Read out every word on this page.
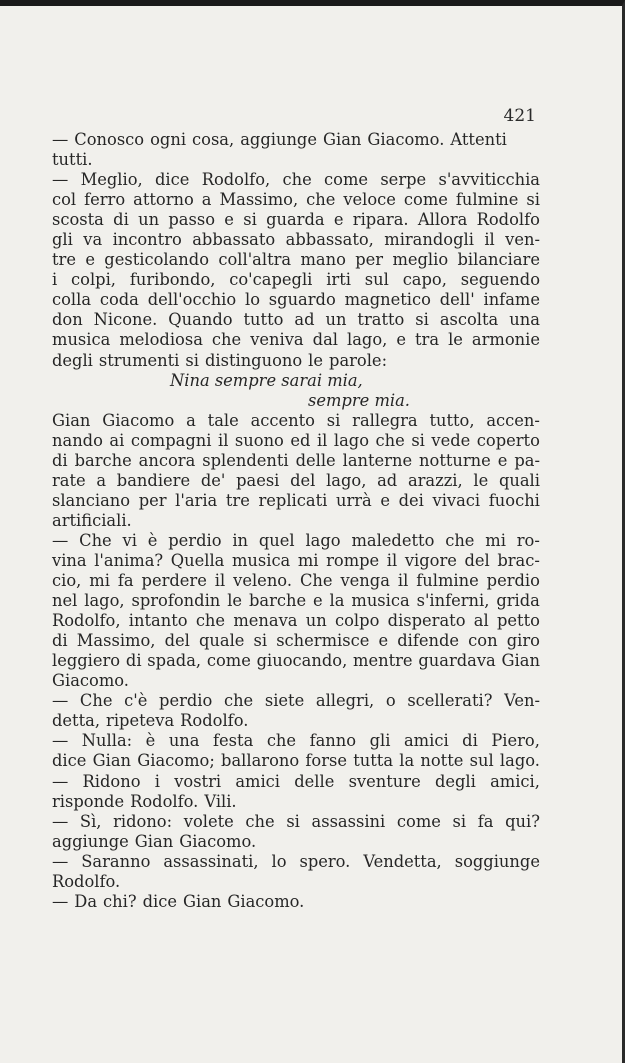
421
— Conosco ogni cosa, aggiunge Gian Giacomo. Attenti
tutti.
— Meglio, dice Rodolfo, che come serpe s'avviticchia
col ferro attorno a Massimo, che veloce come fulmine si
scosta di un passo e si guarda e ripara. Allora Rodolfo
gli va incontro abbassato abbassato, mirandogli il ven-
tre e gesticolando coll'altra mano per meglio bilanciare
i colpi, furibondo, co'capegli irti sul capo, seguendo
colla coda dell'occhio lo sguardo magnetico dell' infame
don Nicone. Quando tutto ad un tratto si ascolta una
musica melodiosa che veniva dal lago, e tra le armonie
degli strumenti si distinguono le parole:
Nina sempre sarai mia,
sempre mia.
Gian Giacomo a tale accento si rallegra tutto, accen-
nando ai compagni il suono ed il lago che si vede coperto
di barche ancora splendenti delle lanterne notturne e pa-
rate a bandiere de' paesi del lago, ad arazzi, le quali
slanciano per l'aria tre replicati urrà e dei vivaci fuochi
artificiali.
— Che vi è perdio in quel lago maledetto che mi ro-
vina l'anima? Quella musica mi rompe il vigore del brac-
cio, mi fa perdere il veleno. Che venga il fulmine perdio
nel lago, sprofondin le barche e la musica s'inferni, grida
Rodolfo, intanto che menava un colpo disperato al petto
di Massimo, del quale si schermisce e difende con giro
leggiero di spada, come giuocando, mentre guardava Gian
Giacomo.
— Che c'è perdio che siete allegri, o scellerati? Ven-
detta, ripeteva Rodolfo.
— Nulla: è una festa che fanno gli amici di Piero,
dice Gian Giacomo; ballarono forse tutta la notte sul lago.
— Ridono i vostri amici delle sventure degli amici,
risponde Rodolfo. Vili.
— Sì, ridono: volete che si assassini come si fa qui?
aggiunge Gian Giacomo.
— Saranno assassinati, lo spero. Vendetta, soggiunge
Rodolfo.
— Da chi? dice Gian Giacomo.
